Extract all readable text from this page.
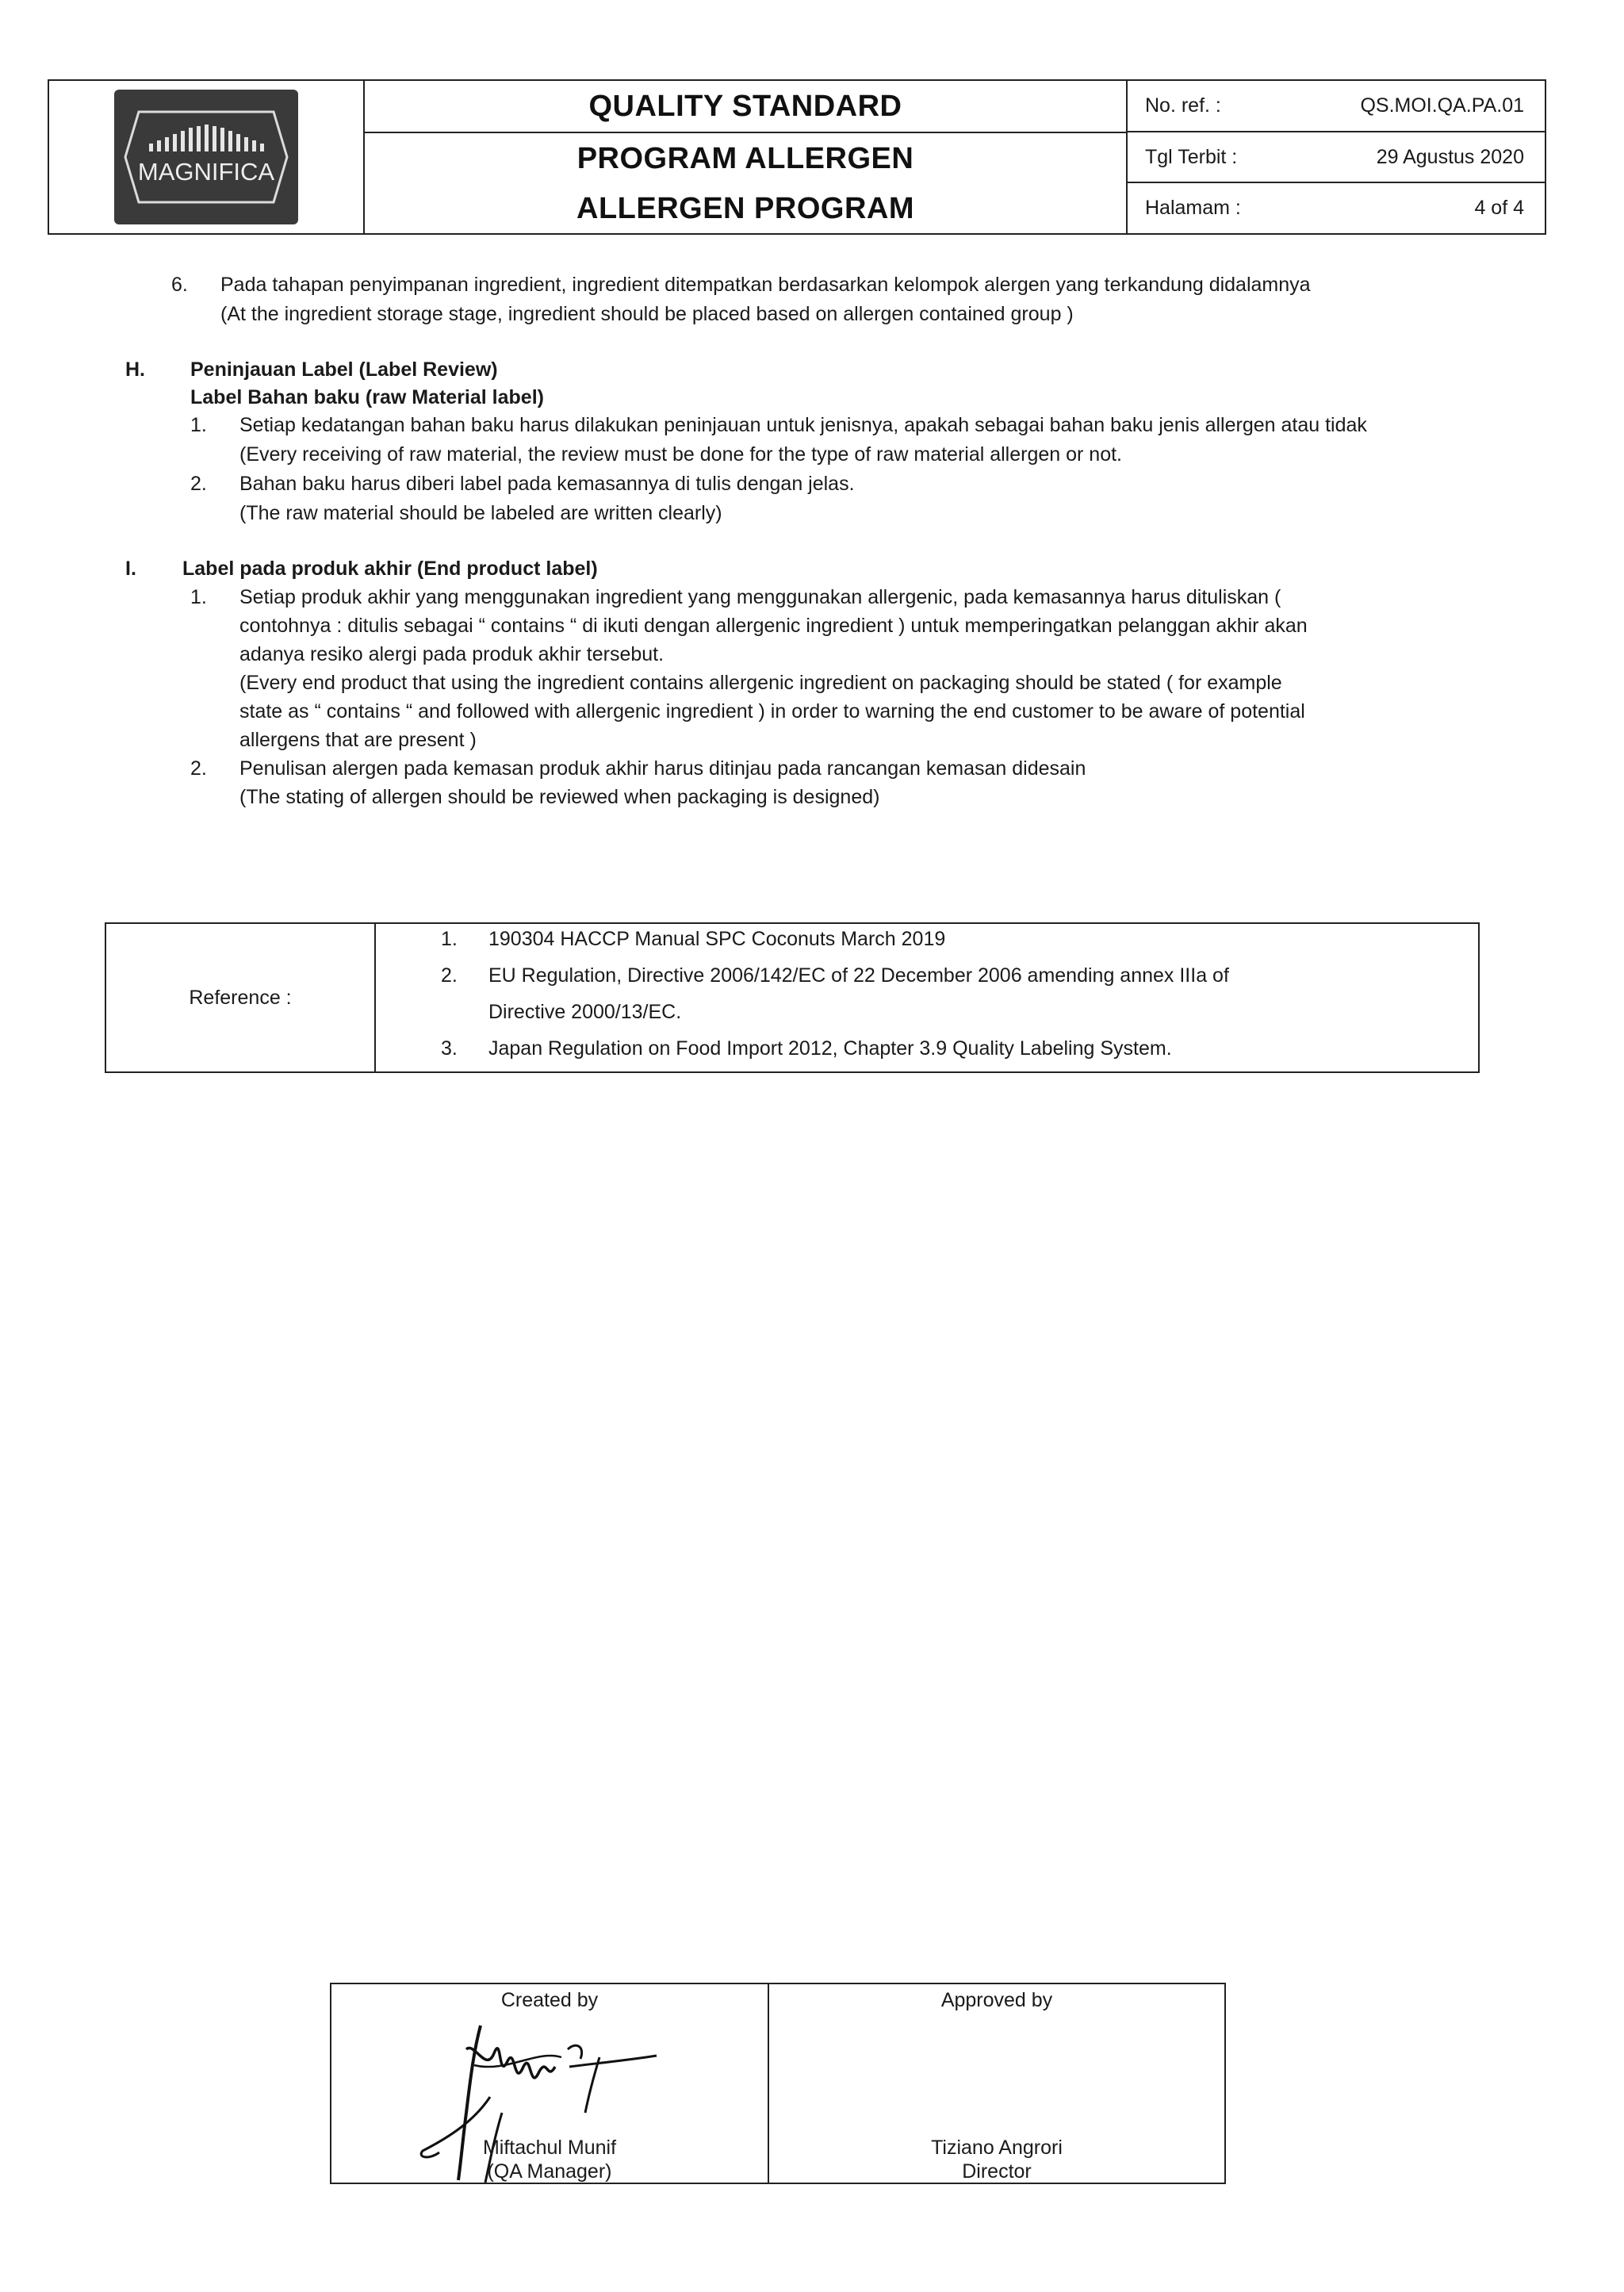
MAGNIFICA
QUALITY STANDARD
PROGRAM ALLERGEN
ALLERGEN PROGRAM
No. ref. :	QS.MOI.QA.PA.01
Tgl Terbit :	29 Agustus 2020
Halamam :	4 of 4
6. Pada tahapan penyimpanan ingredient, ingredient ditempatkan berdasarkan kelompok alergen yang terkandung didalamnya
(At the ingredient storage stage, ingredient should be placed based on allergen contained group )
H. Peninjauan Label (Label Review)
Label Bahan baku (raw Material label)
1. Setiap kedatangan bahan baku harus dilakukan peninjauan untuk jenisnya, apakah sebagai bahan baku jenis allergen atau tidak
(Every receiving of raw material, the review must be done for the type of raw material allergen or not.
2. Bahan baku harus diberi label pada kemasannya di tulis dengan jelas.
(The raw material should be labeled are written clearly)
I. Label pada produk akhir (End product label)
1. Setiap produk akhir yang menggunakan ingredient yang menggunakan allergenic, pada kemasannya harus dituliskan (
contohnya : ditulis sebagai “ contains “ di ikuti dengan allergenic ingredient ) untuk memperingatkan pelanggan akhir akan
adanya resiko alergi pada produk akhir tersebut.
(Every end product that using the ingredient contains allergenic ingredient on packaging should be stated ( for example
state as “ contains “ and followed with allergenic ingredient ) in order to warning the end customer to be aware of potential
allergens that are present )
2. Penulisan alergen pada kemasan produk akhir harus ditinjau pada rancangan kemasan didesain
(The stating of allergen should be reviewed when packaging is designed)
Reference :
1. 190304 HACCP Manual SPC Coconuts March 2019
2. EU Regulation, Directive 2006/142/EC of 22 December 2006 amending annex IIIa of
Directive 2000/13/EC.
3. Japan Regulation on Food Import 2012, Chapter 3.9 Quality Labeling System.
Created by
Miftachul Munif
(QA Manager)
Approved by
Tiziano Angrori
Director
